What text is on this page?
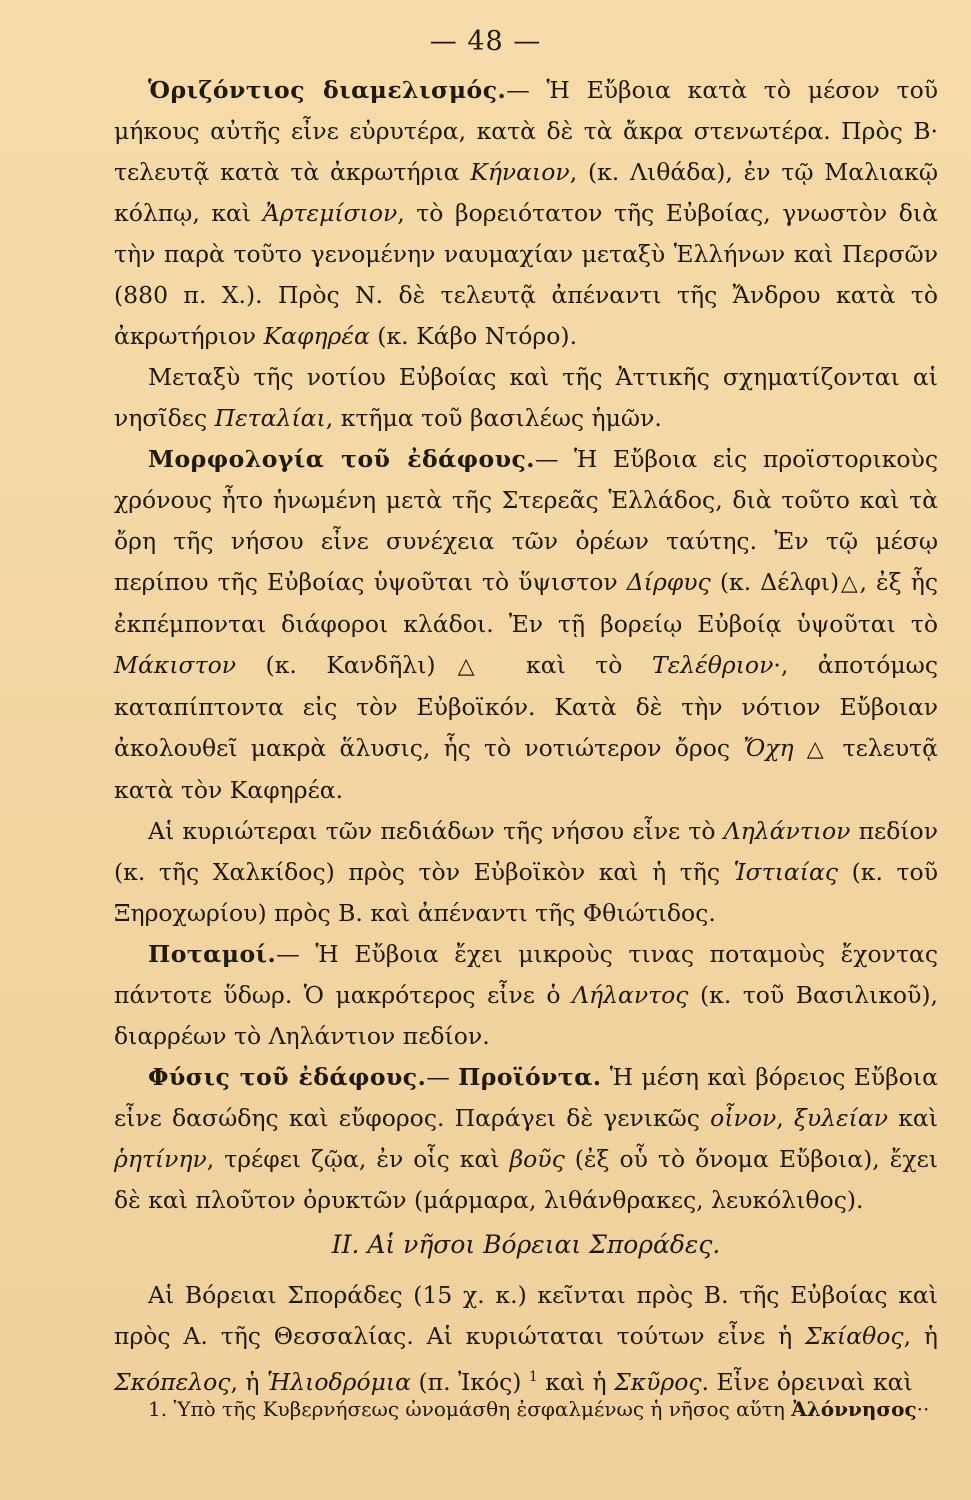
— 48 —

Ὁριζόντιος διαμελισμός.— Ἡ Εὔβοια κατὰ τὸ μέσον τοῦ μήκους αὐτῆς εἶνε εὐρυτέρα, κατὰ δὲ τὰ ἄκρα στενωτέρα. Πρὸς Β· τελευτᾷ κατὰ τὰ ἀκρωτήρια Κήναιον, (κ. Λιθάδα), ἐν τῷ Μαλιακῷ κόλπῳ, καὶ Ἀρτεμίσιον, τὸ βορειότατον τῆς Εὐβοίας, γνωστὸν διὰ τὴν παρὰ τοῦτο γενομένην ναυμαχίαν μεταξὺ Ἑλλήνων καὶ Περσῶν (880 π. Χ.). Πρὸς Ν. δὲ τελευτᾷ ἀπέναντι τῆς Ἄνδρου κατὰ τὸ ἀκρωτήριον Καφηρέα (κ. Κάβο Ντόρο).

Μεταξὺ τῆς νοτίου Εὐβοίας καὶ τῆς Ἀττικῆς σχηματίζονται αἱ νησῖδες Πεταλίαι, κτῆμα τοῦ βασιλέως ἡμῶν.

Μορφολογία τοῦ ἐδάφους.— Ἡ Εὔβοια εἰς προϊστορικοὺς χρόνους ἦτο ἡνωμένη μετὰ τῆς Στερεᾶς Ἑλλάδος, διὰ τοῦτο καὶ τὰ ὄρη τῆς νήσου εἶνε συνέχεια τῶν ὀρέων ταύτης. Ἐν τῷ μέσῳ περίπου τῆς Εὐβοίας ὑψοῦται τὸ ὕψιστον Δίρφυς (κ. Δέλφι)△, ἐξ ἧς ἐκπέμπονται διάφοροι κλάδοι. Ἐν τῇ βορείῳ Εὐβοίᾳ ὑψοῦται τὸ Μάκιστον (κ. Κανδῆλι)△ καὶ τὸ Τελέθριον·, ἀποτόμως καταπίπτοντα εἰς τὸν Εὐβοϊκόν. Κατὰ δὲ τὴν νότιον Εὔβοιαν ἀκολουθεῖ μακρὰ ἅλυσις, ἧς τὸ νοτιώτερον ὄρος Ὄχη △ τελευτᾷ κατὰ τὸν Καφηρέα.

Αἱ κυριώτεραι τῶν πεδιάδων τῆς νήσου εἶνε τὸ Ληλάντιον πεδίον (κ. τῆς Χαλκίδος) πρὸς τὸν Εὐβοϊκὸν καὶ ἡ τῆς Ἱστιαίας (κ. τοῦ Ξηροχωρίου) πρὸς Β. καὶ ἀπέναντι τῆς Φθιώτιδος.

Ποταμοί.— Ἡ Εὔβοια ἔχει μικροὺς τινας ποταμοὺς ἔχοντας πάντοτε ὕδωρ. Ὁ μακρότερος εἶνε ὁ Λήλαντος (κ. τοῦ Βασιλικοῦ), διαρρέων τὸ Ληλάντιον πεδίον.

Φύσις τοῦ ἐδάφους.— Προϊόντα. Ἡ μέση καὶ βόρειος Εὔβοια εἶνε δασώδης καὶ εὔφορος. Παράγει δὲ γενικῶς οἶνον, ξυλείαν καὶ ῥητίνην, τρέφει ζῷα, ἐν οἷς καὶ βοῦς (ἐξ οὗ τὸ ὄνομα Εὔβοια), ἔχει δὲ καὶ πλοῦτον ὀρυκτῶν (μάρμαρα, λιθάνθρακες, λευκόλιθος).

ΙΙ. Αἱ νῆσοι Βόρειαι Σποράδες.

Αἱ Βόρειαι Σποράδες (15 χ. κ.) κεῖνται πρὸς Β. τῆς Εὐβοίας καὶ πρὸς Α. τῆς Θεσσαλίας. Αἱ κυριώταται τούτων εἶνε ἡ Σκίαθος, ἡ Σκόπελος, ἡ Ἡλιοδρόμια (π. Ἰκός) $^1$ καὶ ἡ Σκῦρος. Εἶνε ὀρειναὶ καὶ

1. Ὑπὸ τῆς Κυβερνήσεως ὠνομάσθη ἐσφαλμένως ἡ νῆσος αὕτη Ἀλόννησος··
